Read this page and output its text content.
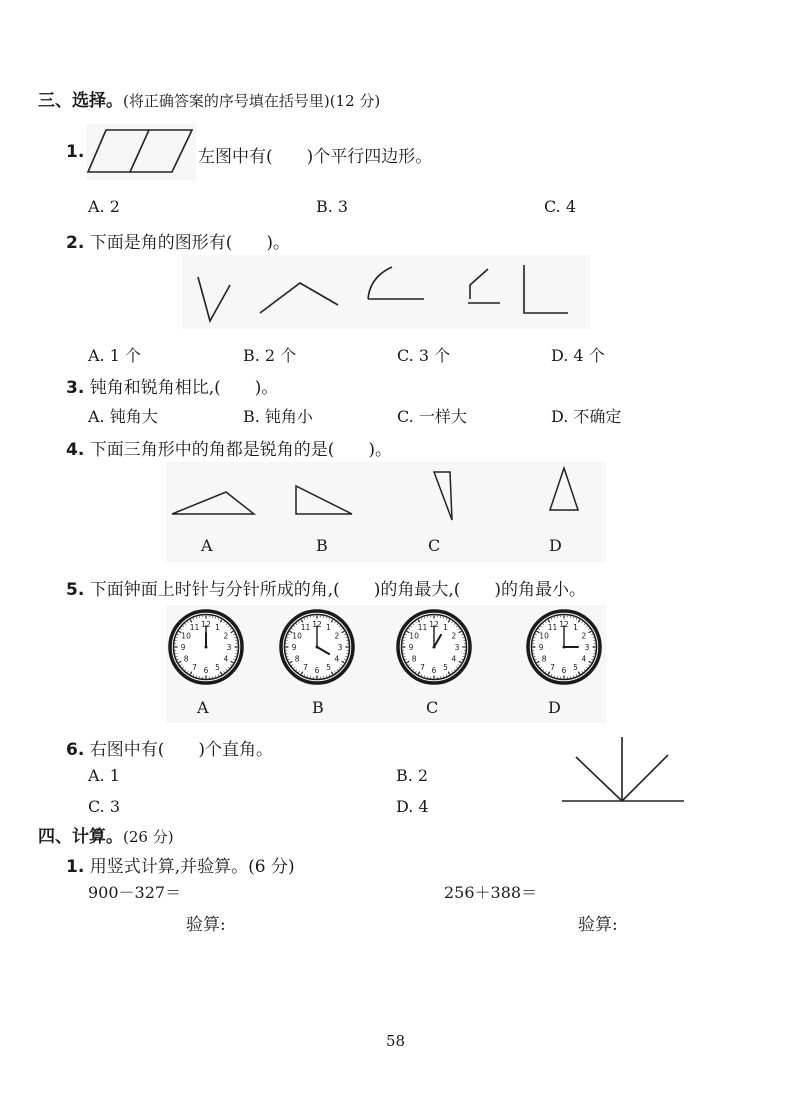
三、选择。(将正确答案的序号填在括号里)(12 分)
1.	左图中有(　　)个平行四边形。
A. 2	B. 3	C. 4
2. 下面是角的图形有(　　)。
A. 1 个	B. 2 个	C. 3 个	D. 4 个
3. 钝角和锐角相比,(　　)。
A. 钝角大	B. 钝角小	C. 一样大	D. 不确定
4. 下面三角形中的角都是锐角的是(　　)。
A	B	C	D
5. 下面钟面上时针与分针所成的角,(　　)的角最大,(　　)的角最小。
12 1
2
3
4
5
6
7
8
9
10
11	12 1
2
3
4
5
6
7
8
9
10
11	12 1
2
3
4
5
6
7
8
9
10
11	12 1
2
3
4
5
6
7
8
9
10
11
A	B	C	D
6. 右图中有(　　)个直角。
A. 1	B. 2
C. 3	D. 4
四、计算。(26 分)
1. 用竖式计算,并验算。(6 分)
900－327＝	256＋388＝
验算:	验算:
58
